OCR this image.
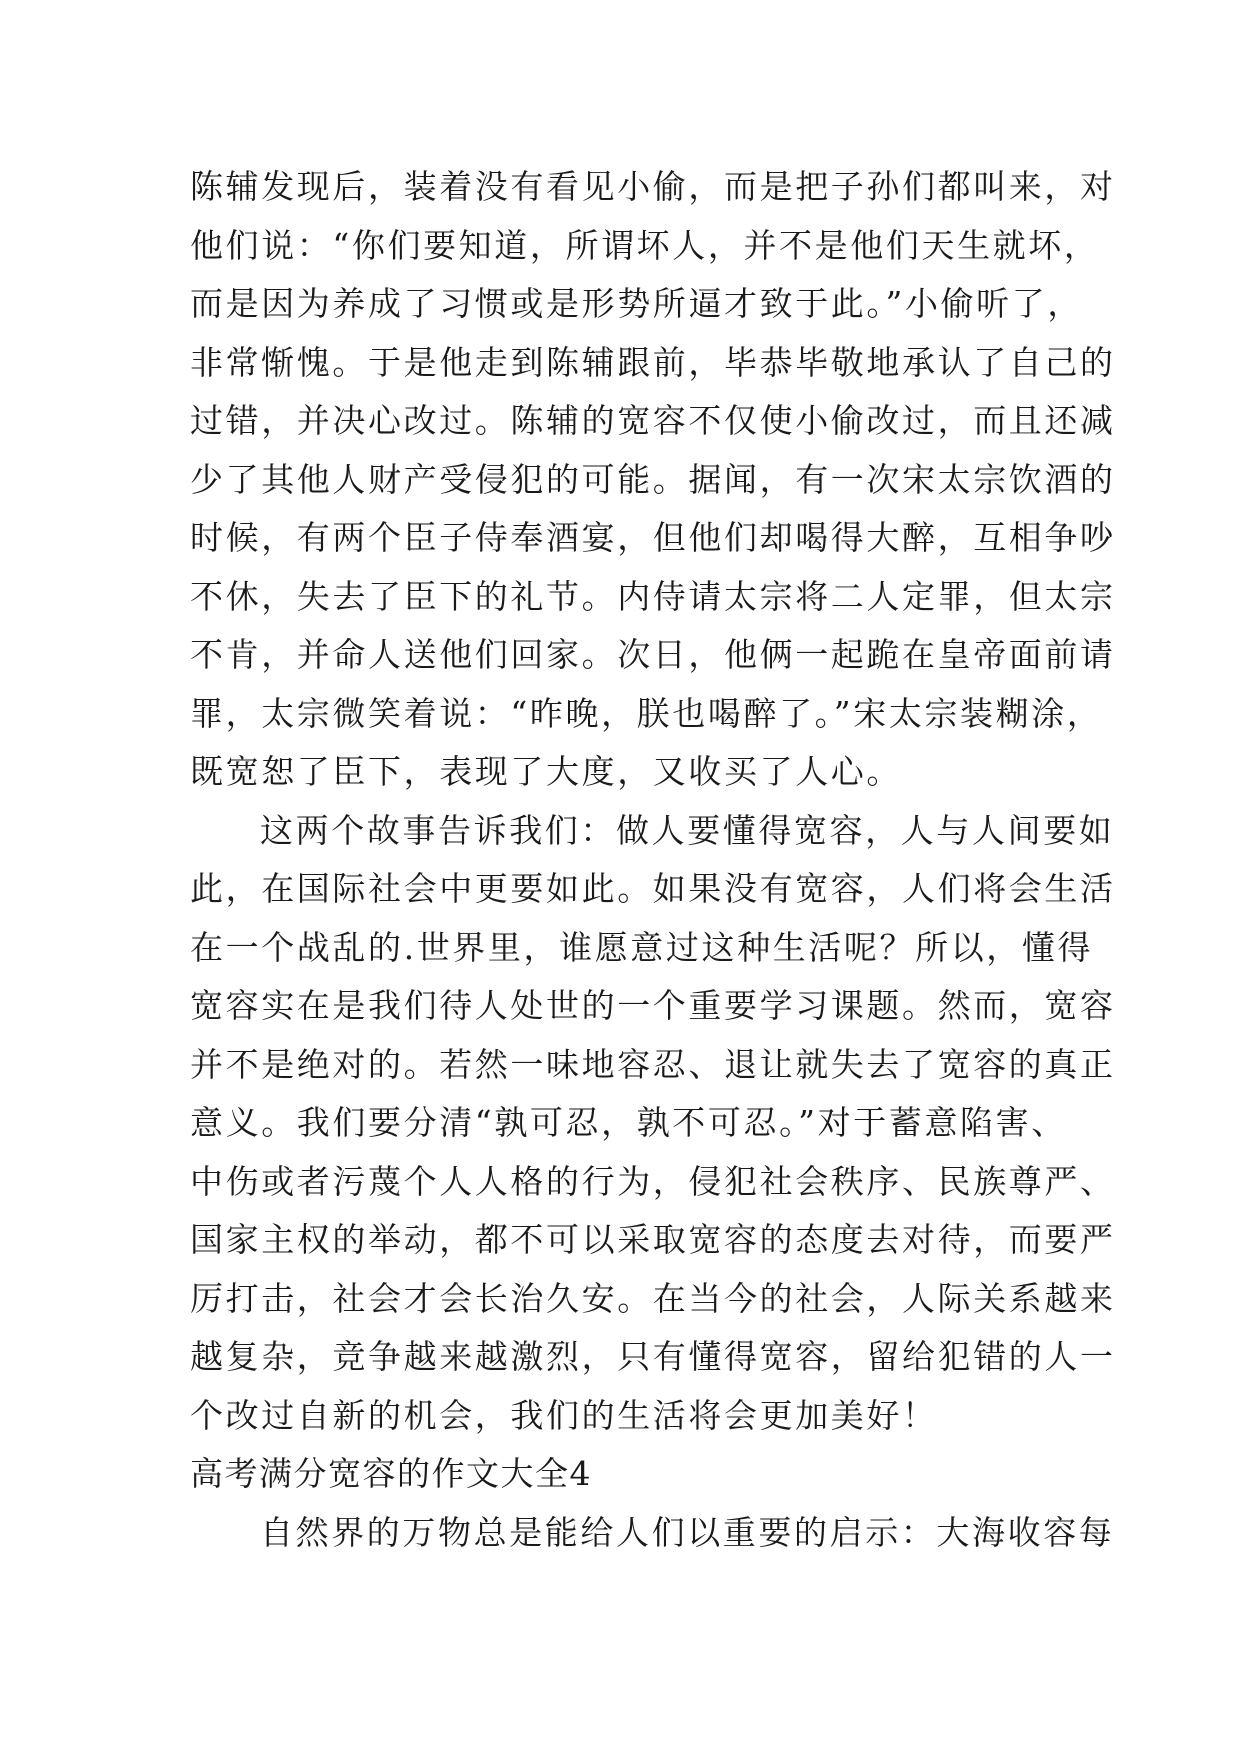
陈辅发现后，装着没有看见小偷，而是把子孙们都叫来，对
他们说：“你们要知道，所谓坏人，并不是他们天生就坏，
而是因为养成了习惯或是形势所逼才致于此。”小偷听了，
非常惭愧。于是他走到陈辅跟前，毕恭毕敬地承认了自己的
过错，并决心改过。陈辅的宽容不仅使小偷改过，而且还减
少了其他人财产受侵犯的可能。据闻，有一次宋太宗饮酒的
时候，有两个臣子侍奉酒宴，但他们却喝得大醉，互相争吵
不休，失去了臣下的礼节。内侍请太宗将二人定罪，但太宗
不肯，并命人送他们回家。次日，他俩一起跪在皇帝面前请
罪，太宗微笑着说：“昨晚，朕也喝醉了。”宋太宗装糊涂，
既宽恕了臣下，表现了大度，又收买了人心。
这两个故事告诉我们：做人要懂得宽容，人与人间要如
此，在国际社会中更要如此。如果没有宽容，人们将会生活
在一个战乱的.世界里，谁愿意过这种生活呢？所以，懂得
宽容实在是我们待人处世的一个重要学习课题。然而，宽容
并不是绝对的。若然一味地容忍、退让就失去了宽容的真正
意义。我们要分清“孰可忍，孰不可忍。”对于蓄意陷害、
中伤或者污蔑个人人格的行为，侵犯社会秩序、民族尊严、
国家主权的举动，都不可以采取宽容的态度去对待，而要严
厉打击，社会才会长治久安。在当今的社会，人际关系越来
越复杂，竞争越来越激烈，只有懂得宽容，留给犯错的人一
个改过自新的机会，我们的生活将会更加美好！
高考满分宽容的作文大全4
自然界的万物总是能给人们以重要的启示：大海收容每
